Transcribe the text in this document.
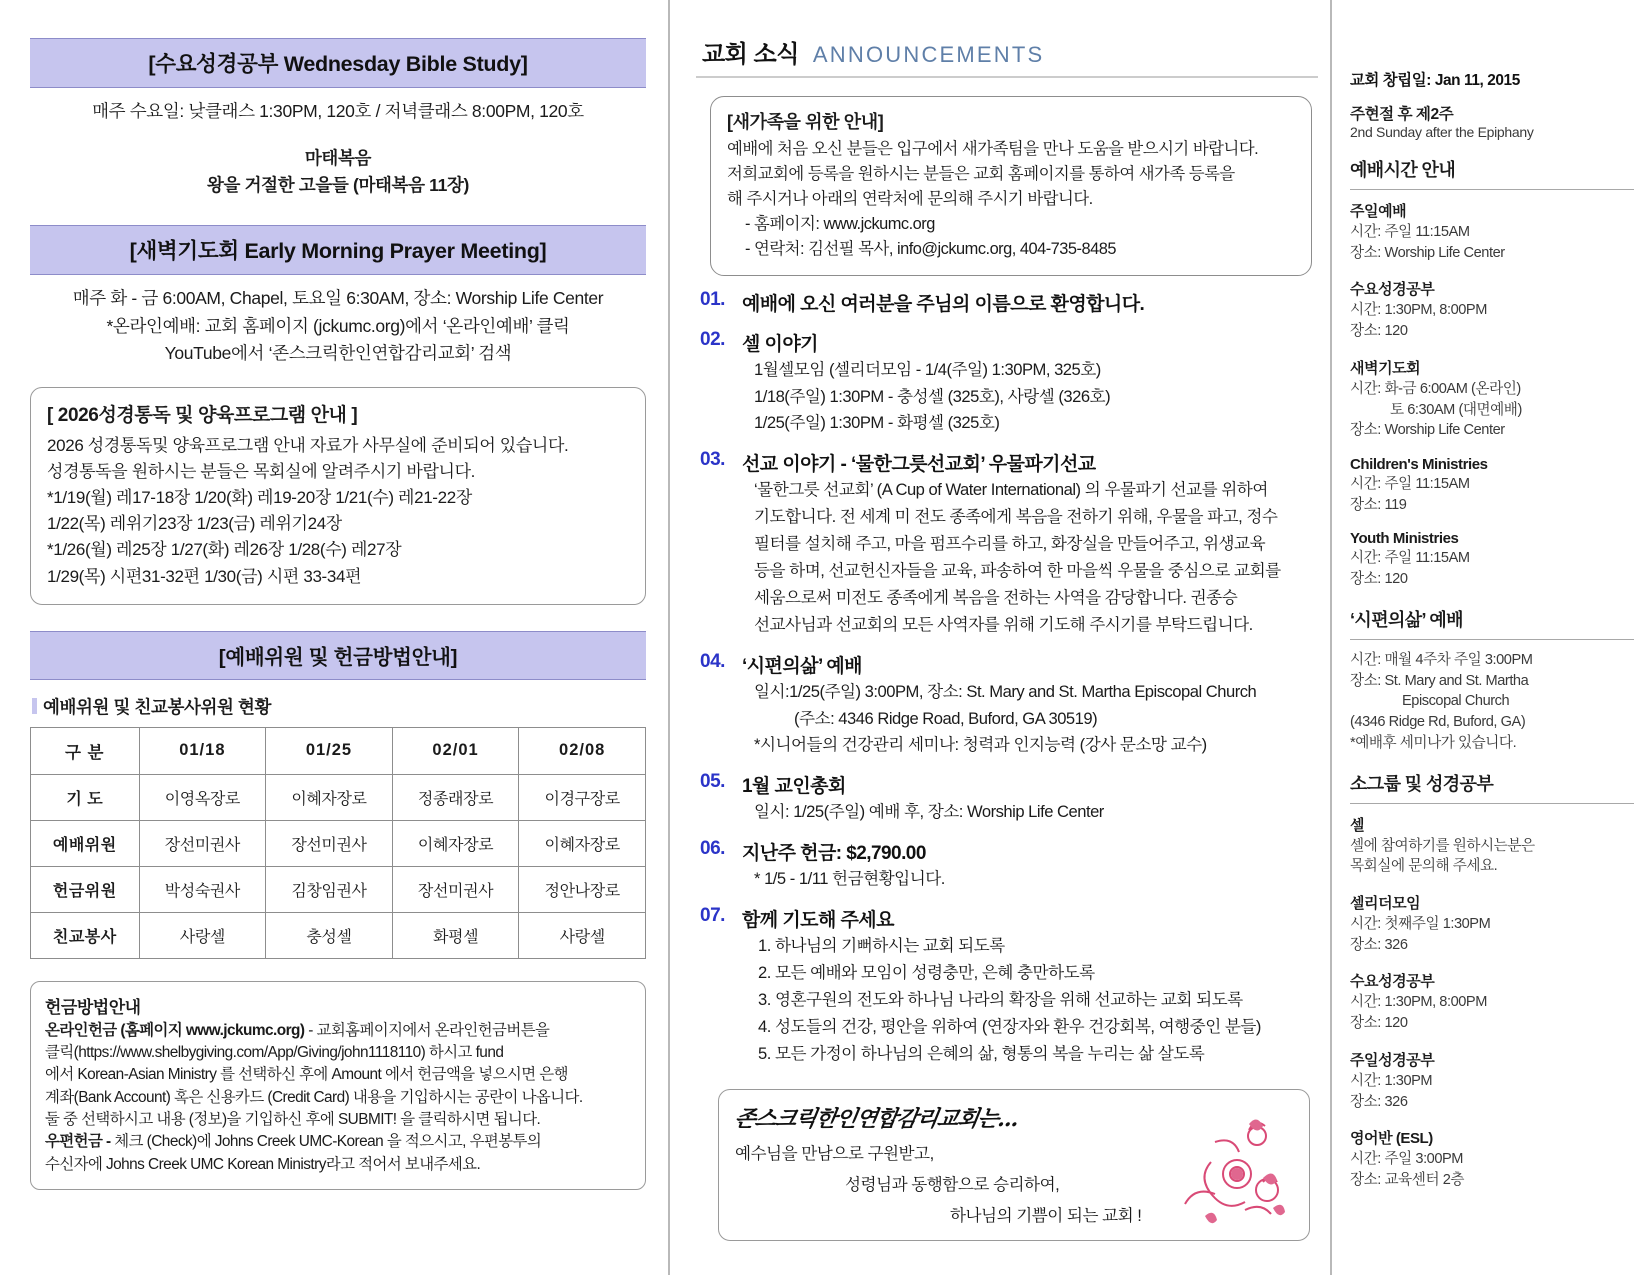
[수요성경공부 Wednesday Bible Study]
매주 수요일: 낮클래스 1:30PM, 120호 / 저녁클래스 8:00PM, 120호
마태복음
왕을 거절한 고을들 (마태복음 11장)
[새벽기도회 Early Morning Prayer Meeting]
매주 화 - 금 6:00AM, Chapel, 토요일 6:30AM, 장소: Worship Life Center
*온라인예배: 교회 홈페이지 (jckumc.org)에서 ‘온라인예배’ 클릭
YouTube에서 ‘존스크릭한인연합감리교회’ 검색
[ 2026성경통독 및 양육프로그램 안내 ]
2026 성경통독및 양육프로그램 안내 자료가 사무실에 준비되어 있습니다.
성경통독을 원하시는 분들은 목회실에 알려주시기 바랍니다.
*1/19(월) 레17-18장 1/20(화) 레19-20장 1/21(수) 레21-22장
1/22(목) 레위기23장 1/23(금) 레위기24장
*1/26(월) 레25장 1/27(화) 레26장 1/28(수) 레27장
1/29(목) 시편31-32편 1/30(금) 시편 33-34편
[예배위원 및 헌금방법안내]
예배위원 및 친교봉사위원 현황
구 분	01/18	01/25	02/01	02/08
기 도	이영옥장로	이혜자장로	정종래장로	이경구장로
예배위원	장선미권사	장선미권사	이혜자장로	이혜자장로
헌금위원	박성숙권사	김창임권사	장선미권사	정안나장로
친교봉사	사랑셀	충성셀	화평셀	사랑셀
헌금방법안내
온라인헌금 (홈페이지 www.jckumc.org) - 교회홈페이지에서 온라인헌금버튼을
클릭(https://www.shelbygiving.com/App/Giving/john1118110) 하시고 fund
에서 Korean-Asian Ministry 를 선택하신 후에 Amount 에서 헌금액을 넣으시면 은행
계좌(Bank Account) 혹은 신용카드 (Credit Card) 내용을 기입하시는 공란이 나옵니다.
둘 중 선택하시고 내용 (정보)을 기입하신 후에 SUBMIT! 을 클릭하시면 됩니다.
우편헌금 - 체크 (Check)에 Johns Creek UMC-Korean 을 적으시고, 우편봉투의
수신자에 Johns Creek UMC Korean Ministry라고 적어서 보내주세요.
교회 소식 ANNOUNCEMENTS
[새가족을 위한 안내]
예배에 처음 오신 분들은 입구에서 새가족팀을 만나 도움을 받으시기 바랍니다.
저희교회에 등록을 원하시는 분들은 교회 홈페이지를 통하여 새가족 등록을
해 주시거나 아래의 연락처에 문의해 주시기 바랍니다.
- 홈페이지: www.jckumc.org
- 연락처: 김선필 목사, info@jckumc.org, 404-735-8485
01. 예배에 오신 여러분을 주님의 이름으로 환영합니다.
02. 셀 이야기
1월셀모임 (셀리더모임 - 1/4(주일) 1:30PM, 325호)
1/18(주일) 1:30PM - 충성셀 (325호), 사랑셀 (326호)
1/25(주일) 1:30PM - 화평셀 (325호)
03. 선교 이야기 - ‘물한그릇선교회’ 우물파기선교
‘물한그릇 선교회’ (A Cup of Water International) 의 우물파기 선교를 위하여
기도합니다. 전 세계 미 전도 종족에게 복음을 전하기 위해, 우물을 파고, 정수
필터를 설치해 주고, 마을 펌프수리를 하고, 화장실을 만들어주고, 위생교육
등을 하며, 선교헌신자들을 교육, 파송하여 한 마을씩 우물을 중심으로 교회를
세움으로써 미전도 종족에게 복음을 전하는 사역을 감당합니다. 권종승
선교사님과 선교회의 모든 사역자를 위해 기도해 주시기를 부탁드립니다.
04. ‘시편의삶’ 예배
일시:1/25(주일) 3:00PM, 장소: St. Mary and St. Martha Episcopal Church
(주소: 4346 Ridge Road, Buford, GA 30519)
*시니어들의 건강관리 세미나: 청력과 인지능력 (강사 문소망 교수)
05. 1월 교인총회
일시: 1/25(주일) 예배 후, 장소: Worship Life Center
06. 지난주 헌금: $2,790.00
* 1/5 - 1/11 헌금현황입니다.
07. 함께 기도해 주세요
1. 하나님의 기뻐하시는 교회 되도록
2. 모든 예배와 모임이 성령충만, 은혜 충만하도록
3. 영혼구원의 전도와 하나님 나라의 확장을 위해 선교하는 교회 되도록
4. 성도들의 건강, 평안을 위하여 (연장자와 환우 건강회복, 여행중인 분들)
5. 모든 가정이 하나님의 은혜의 삶, 형통의 복을 누리는 삶 살도록
존스크릭한인연합감리교회는...
예수님을 만남으로 구원받고,
성령님과 동행함으로 승리하여,
하나님의 기쁨이 되는 교회 !
교회 창립일: Jan 11, 2015
주현절 후 제2주
2nd Sunday after the Epiphany
예배시간 안내
주일예배
시간: 주일 11:15AM
장소: Worship Life Center
수요성경공부
시간: 1:30PM, 8:00PM
장소: 120
새벽기도회
시간: 화-금 6:00AM (온라인)
토 6:30AM (대면예배)
장소: Worship Life Center
Children's Ministries
시간: 주일 11:15AM
장소: 119
Youth Ministries
시간: 주일 11:15AM
장소: 120
‘시편의삶’ 예배
시간: 매월 4주차 주일 3:00PM
장소: St. Mary and St. Martha
Episcopal Church
(4346 Ridge Rd, Buford, GA)
*예배후 세미나가 있습니다.
소그룹 및 성경공부
셀
셀에 참여하기를 원하시는분은
목회실에 문의해 주세요.
셀리더모임
시간: 첫째주일 1:30PM
장소: 326
수요성경공부
시간: 1:30PM, 8:00PM
장소: 120
주일성경공부
시간: 1:30PM
장소: 326
영어반 (ESL)
시간: 주일 3:00PM
장소: 교육센터 2층
